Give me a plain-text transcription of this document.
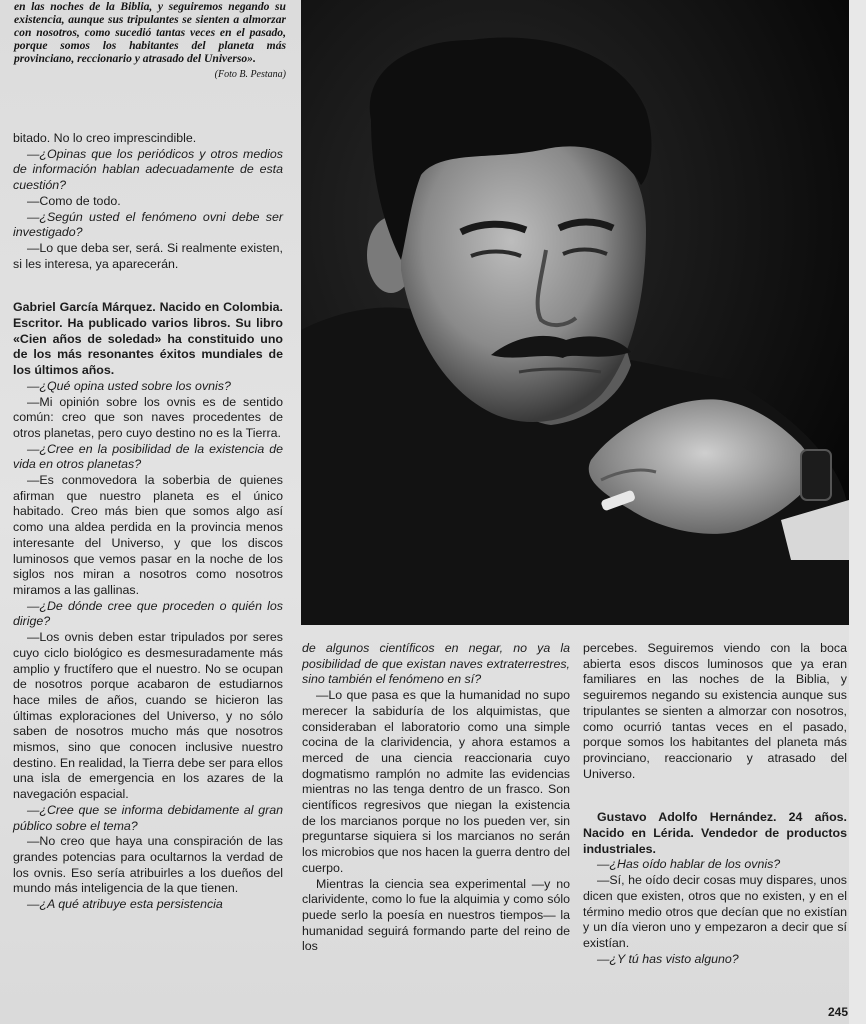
en las noches de la Biblia, y seguiremos negando su existencia, aunque sus tripulantes se sienten a almorzar con nosotros, como sucedió tantas veces en el pasado, porque somos los habitantes del planeta más provinciano, reccionario y atrasado del Universo».
(Foto B. Pestana)

bitado. No lo creo imprescindible.

—¿Opinas que los periódicos y otros medios de información hablan adecuadamente de esta cuestión?

—Como de todo.

—¿Según usted el fenómeno ovni debe ser investigado?

—Lo que deba ser, será. Si realmente existen, si les interesa, ya aparecerán.

Gabriel García Márquez. Nacido en Colombia. Escritor. Ha publicado varios libros. Su libro «Cien años de soledad» ha constituido uno de los más resonantes éxitos mundiales de los últimos años.

—¿Qué opina usted sobre los ovnis?

—Mi opinión sobre los ovnis es de sentido común: creo que son naves procedentes de otros planetas, pero cuyo destino no es la Tierra.

—¿Cree en la posibilidad de la existencia de vida en otros planetas?

—Es conmovedora la soberbia de quienes afirman que nuestro planeta es el único habitado. Creo más bien que somos algo así como una aldea perdida en la provincia menos interesante del Universo, y que los discos luminosos que vemos pasar en la noche de los siglos nos miran a nosotros como nosotros miramos a las gallinas.

—¿De dónde cree que proceden o quién los dirige?

—Los ovnis deben estar tripulados por seres cuyo ciclo biológico es desmesuradamente más amplio y fructífero que el nuestro. No se ocupan de nosotros porque acabaron de estudiarnos hace miles de años, cuando se hicieron las últimas exploraciones del Universo, y no sólo saben de nosotros mucho más que nosotros mismos, sino que conocen inclusive nuestro destino. En realidad, la Tierra debe ser para ellos una isla de emergencia en los azares de la navegación espacial.

—¿Cree que se informa debidamente al gran público sobre el tema?

—No creo que haya una conspiración de las grandes potencias para ocultarnos la verdad de los ovnis. Eso sería atribuirles a los dueños del mundo más inteligencia de la que tienen.

—¿A qué atribuye esta persistencia

de algunos científicos en negar, no ya la posibilidad de que existan naves extraterrestres, sino también el fenómeno en sí?

—Lo que pasa es que la humanidad no supo merecer la sabiduría de los alquimistas, que consideraban el laboratorio como una simple cocina de la clarividencia, y ahora estamos a merced de una ciencia reaccionaria cuyo dogmatismo ramplón no admite las evidencias mientras no las tenga dentro de un frasco. Son científicos regresivos que niegan la existencia de los marcianos porque no los pueden ver, sin preguntarse siquiera si los marcianos no serán los microbios que nos hacen la guerra dentro del cuerpo.

Mientras la ciencia sea experimental —y no clarividente, como lo fue la alquimia y como sólo puede serlo la poesía en nuestros tiempos— la humanidad seguirá formando parte del reino de los

percebes. Seguiremos viendo con la boca abierta esos discos luminosos que ya eran familiares en las noches de la Biblia, y seguiremos negando su existencia aunque sus tripulantes se sienten a almorzar con nosotros, como ocurrió tantas veces en el pasado, porque somos los habitantes del planeta más provinciano, reaccionario y atrasado del Universo.

Gustavo Adolfo Hernández. 24 años. Nacido en Lérida. Vendedor de productos industriales.

—¿Has oído hablar de los ovnis?

—Sí, he oído decir cosas muy dispares, unos dicen que existen, otros que no existen, y en el término medio otros que decían que no existían y un día vieron uno y empezaron a decir que sí existían.

—¿Y tú has visto alguno?

245
